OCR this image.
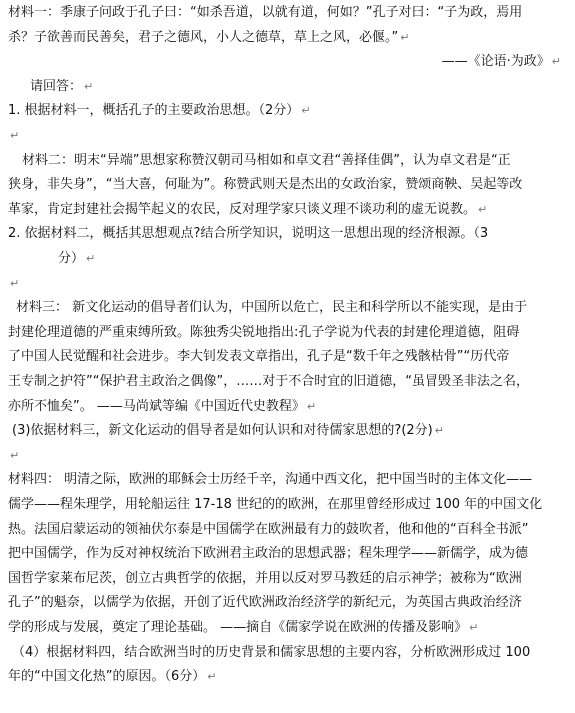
材料一：季康子问政于孔子曰：“如杀吾道，以就有道，何如？”孔子对曰：“子为政，焉用
杀？子欲善而民善矣，君子之德风，小人之德草，草上之风，必偃。” ↵
——《论语·为政》 ↵
请回答： ↵
1. 根据材料一，概括孔子的主要政治思想。（2分） ↵
↵
材料二：明末“异端”思想家称赞汉朝司马相如和卓文君“善择佳偶”，认为卓文君是“正
狭身，非失身”，“当大喜，何耻为”。称赞武则天是杰出的女政治家，赞颂商鞅、吴起等改
革家，肯定封建社会揭竿起义的农民，反对理学家只谈义理不谈功利的虚无说教。 ↵
2. 依据材料二，概括其思想观点?结合所学知识，说明这一思想出现的经济根源。（3
分） ↵
↵
材料三： 新文化运动的倡导者们认为，中国所以危亡，民主和科学所以不能实现，是由于
封建伦理道德的严重束缚所致。陈独秀尖锐地指出:孔子学说为代表的封建伦理道德，阻碍
了中国人民觉醒和社会进步。李大钊发表文章指出，孔子是“数千年之残骸枯骨”“历代帝
王专制之护符”“保护君主政治之偶像”，……对于不合时宜的旧道德，“虽冒毁圣非法之名，
亦所不恤矣”。 ——马尚斌等编《中国近代史教程》 ↵
(3)依据材料三，新文化运动的倡导者是如何认识和对待儒家思想的?(2分) ↵
↵
材料四： 明清之际，欧洲的耶稣会士历经千辛，沟通中西文化，把中国当时的主体文化——
儒学——程朱理学，用轮船运往 17-18 世纪的的欧洲，在那里曾经形成过 100 年的中国文化
热。法国启蒙运动的领袖伏尔泰是中国儒学在欧洲最有力的鼓吹者，他和他的“百科全书派”
把中国儒学，作为反对神权统治下欧洲君主政治的思想武器；程朱理学——新儒学，成为德
国哲学家莱布尼茨，创立古典哲学的依据，并用以反对罗马教廷的启示神学；被称为“欧洲
孔子”的魁奈，以儒学为依据，开创了近代欧洲政治经济学的新纪元，为英国古典政治经济
学的形成与发展，奠定了理论基础。 ——摘自《儒家学说在欧洲的传播及影响》 ↵
（4）根据材料四，结合欧洲当时的历史背景和儒家思想的主要内容，分析欧洲形成过 100
年的“中国文化热”的原因。（6分） ↵
